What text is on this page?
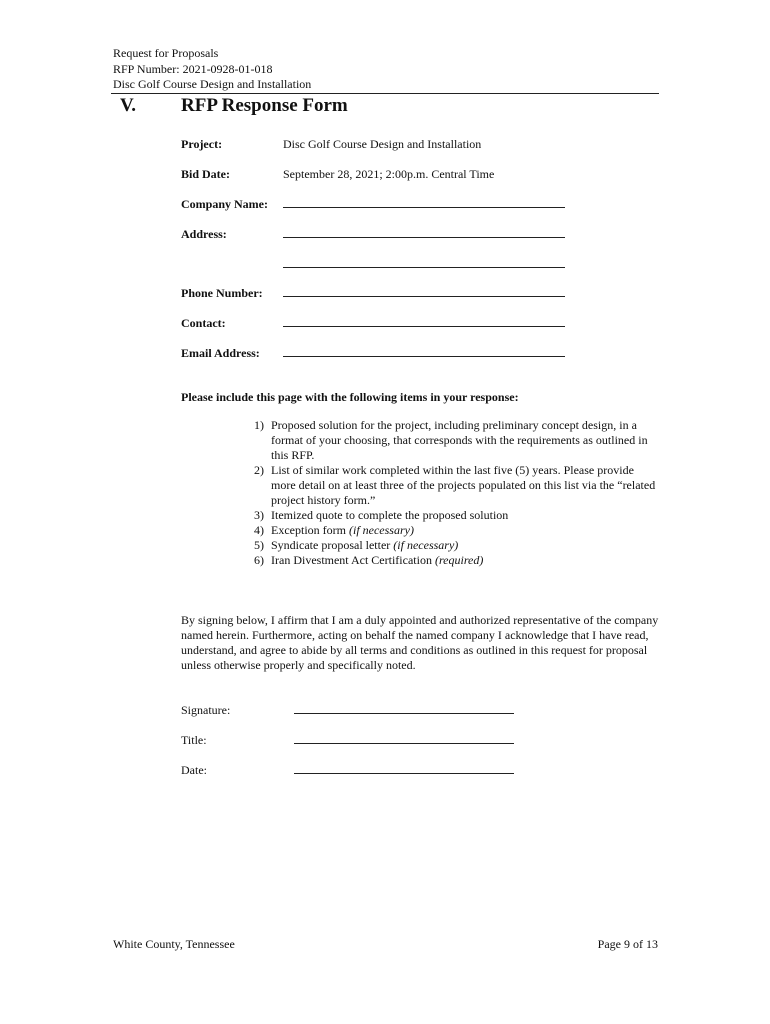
Request for Proposals
RFP Number: 2021-0928-01-018
Disc Golf Course Design and Installation
V. RFP Response Form
Project:	Disc Golf Course Design and Installation
Bid Date:	September 28, 2021; 2:00p.m. Central Time
Company Name:
Address:
Phone Number:
Contact:
Email Address:
Please include this page with the following items in your response:
1) Proposed solution for the project, including preliminary concept design, in a format of your choosing, that corresponds with the requirements as outlined in this RFP.
2) List of similar work completed within the last five (5) years. Please provide more detail on at least three of the projects populated on this list via the “related project history form.”
3) Itemized quote to complete the proposed solution
4) Exception form (if necessary)
5) Syndicate proposal letter (if necessary)
6) Iran Divestment Act Certification (required)
By signing below, I affirm that I am a duly appointed and authorized representative of the company named herein. Furthermore, acting on behalf the named company I acknowledge that I have read, understand, and agree to abide by all terms and conditions as outlined in this request for proposal unless otherwise properly and specifically noted.
Signature:
Title:
Date:
White County, Tennessee	Page 9 of 13
